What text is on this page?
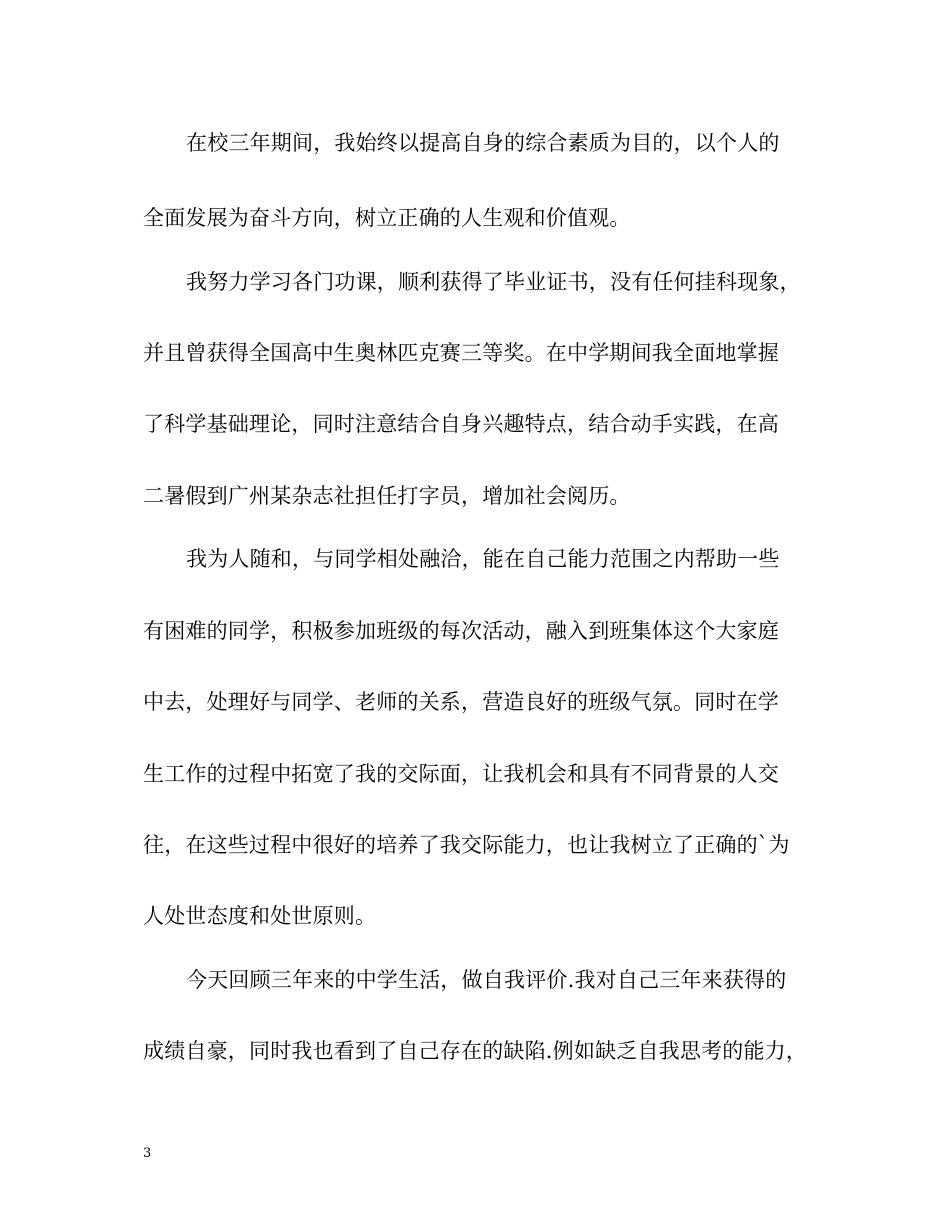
在校三年期间，我始终以提高自身的综合素质为目的，以个人的
全面发展为奋斗方向，树立正确的人生观和价值观。
我努力学习各门功课，顺利获得了毕业证书，没有任何挂科现象，
并且曾获得全国高中生奥林匹克赛三等奖。在中学期间我全面地掌握
了科学基础理论，同时注意结合自身兴趣特点，结合动手实践，在高
二暑假到广州某杂志社担任打字员，增加社会阅历。
我为人随和，与同学相处融洽，能在自己能力范围之内帮助一些
有困难的同学，积极参加班级的每次活动，融入到班集体这个大家庭
中去，处理好与同学、老师的关系，营造良好的班级气氛。同时在学
生工作的过程中拓宽了我的交际面，让我机会和具有不同背景的人交
往，在这些过程中很好的培养了我交际能力，也让我树立了正确的`为
人处世态度和处世原则。
今天回顾三年来的中学生活，做自我评价.我对自己三年来获得的
成绩自豪，同时我也看到了自己存在的缺陷.例如缺乏自我思考的能力，
3
